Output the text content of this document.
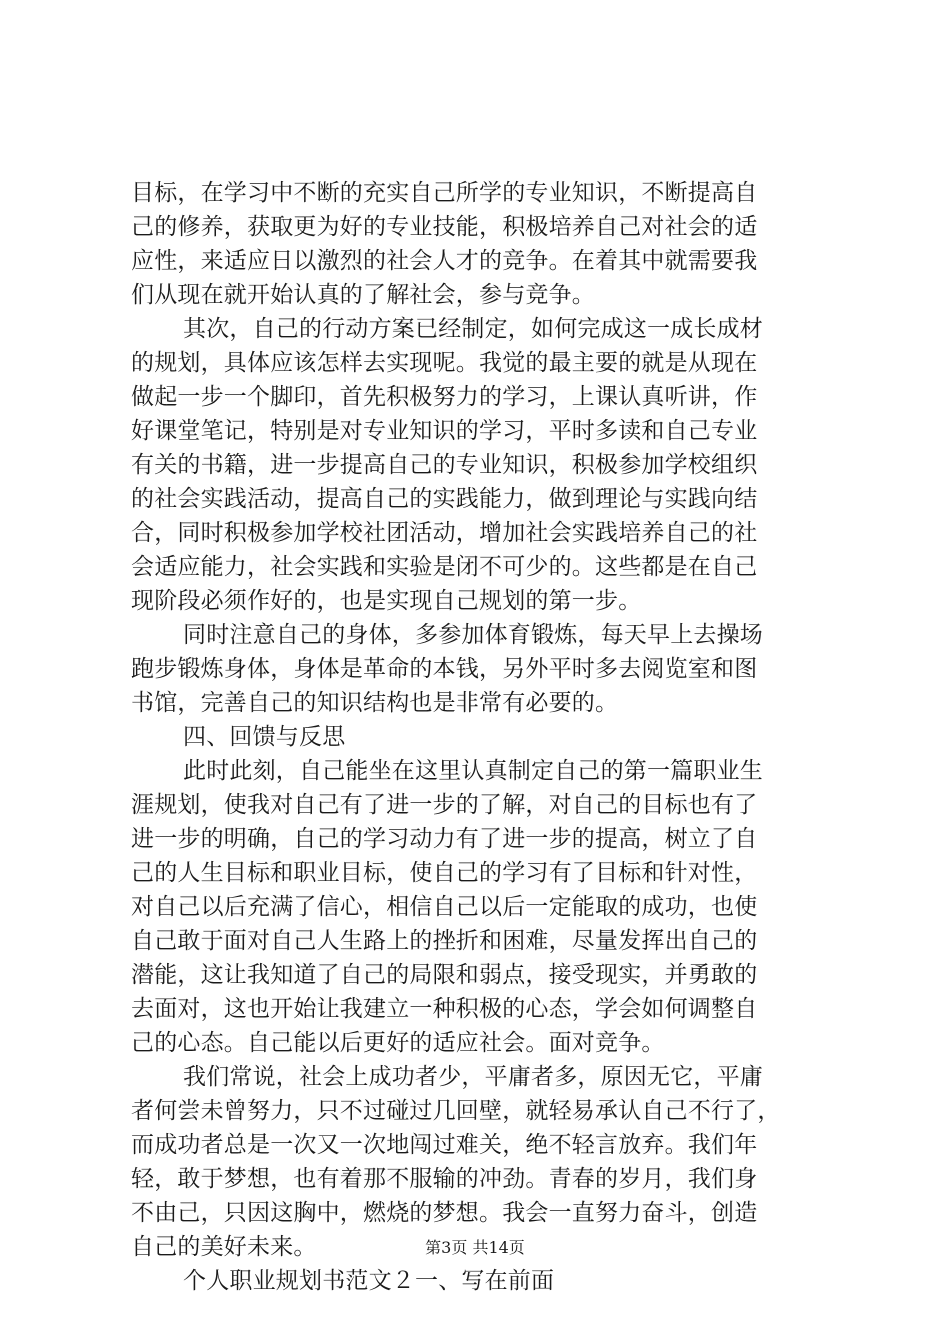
目标，在学习中不断的充实自己所学的专业知识，不断提高自
己的修养，获取更为好的专业技能，积极培养自己对社会的适
应性，来适应日以激烈的社会人才的竞争。在着其中就需要我
们从现在就开始认真的了解社会，参与竞争。
其次，自己的行动方案已经制定，如何完成这一成长成材
的规划，具体应该怎样去实现呢。我觉的最主要的就是从现在
做起一步一个脚印，首先积极努力的学习，上课认真听讲，作
好课堂笔记，特别是对专业知识的学习，平时多读和自己专业
有关的书籍，进一步提高自己的专业知识，积极参加学校组织
的社会实践活动，提高自己的实践能力，做到理论与实践向结
合，同时积极参加学校社团活动，增加社会实践培养自己的社
会适应能力，社会实践和实验是闭不可少的。这些都是在自己
现阶段必须作好的，也是实现自己规划的第一步。
同时注意自己的身体，多参加体育锻炼，每天早上去操场
跑步锻炼身体，身体是革命的本钱，另外平时多去阅览室和图
书馆，完善自己的知识结构也是非常有必要的。
四、回馈与反思
此时此刻，自己能坐在这里认真制定自己的第一篇职业生
涯规划，使我对自己有了进一步的了解，对自己的目标也有了
进一步的明确，自己的学习动力有了进一步的提高，树立了自
己的人生目标和职业目标，使自己的学习有了目标和针对性，
对自己以后充满了信心，相信自己以后一定能取的成功，也使
自己敢于面对自己人生路上的挫折和困难，尽量发挥出自己的
潜能，这让我知道了自己的局限和弱点，接受现实，并勇敢的
去面对，这也开始让我建立一种积极的心态，学会如何调整自
己的心态。自己能以后更好的适应社会。面对竞争。
我们常说，社会上成功者少，平庸者多，原因无它，平庸
者何尝未曾努力，只不过碰过几回壁，就轻易承认自己不行了，
而成功者总是一次又一次地闯过难关，绝不轻言放弃。我们年
轻，敢于梦想，也有着那不服输的冲劲。青春的岁月，我们身
不由己，只因这胸中，燃烧的梦想。我会一直努力奋斗，创造
自己的美好未来。
个人职业规划书范文２一、写在前面
第3页 共14页
